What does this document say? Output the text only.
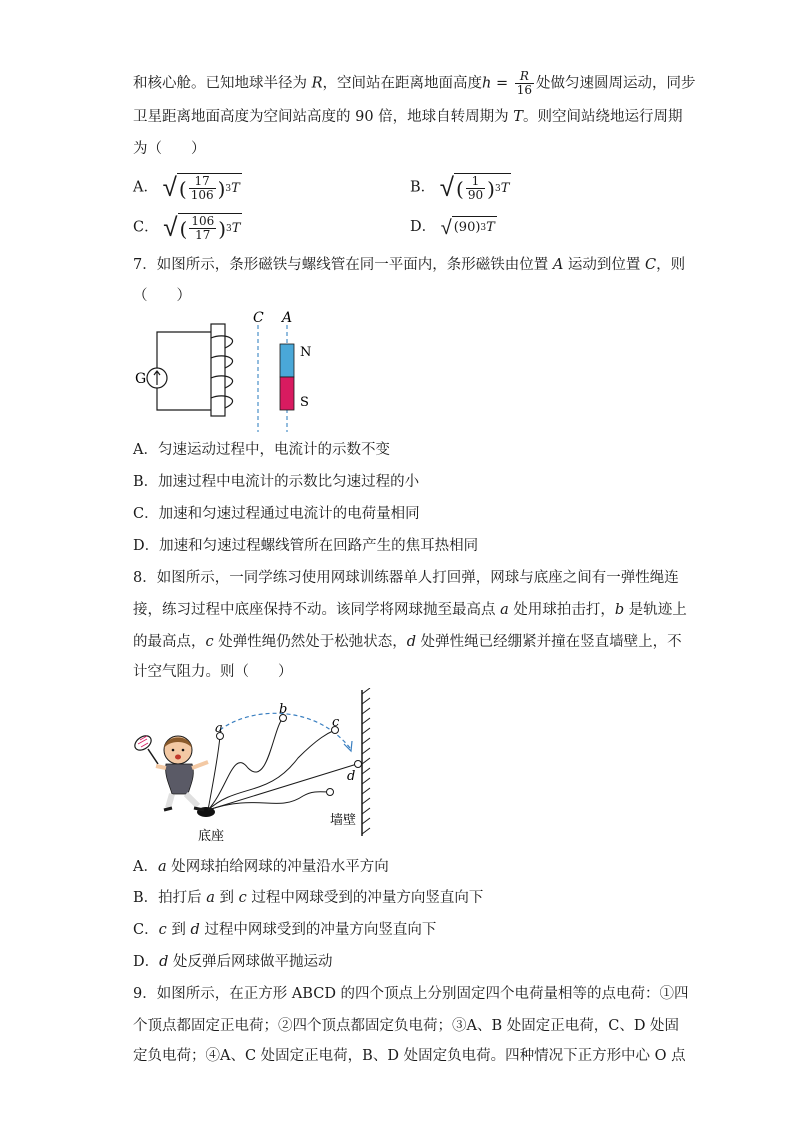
和核心舱。已知地球半径为 R，空间站在距离地面高度$h = \frac{R}{16}$ 处做匀速圆周运动，同步
卫星距离地面高度为空间站高度的 90 倍，地球自转周期为 T。则空间站绕地运行周期
为（　　）
A． √ ( $\frac{17}{106}$ ) 3 T	B． √ ( $\frac{1}{90}$ ) 3 T
C． √ ( $\frac{106}{17}$ ) 3 T	D． √ (90) 3 T
7．如图所示，条形磁铁与螺线管在同一平面内，条形磁铁由位置 A 运动到位置 C，则
（　　）
G
C A
N
S
A．匀速运动过程中，电流计的示数不变
B．加速过程中电流计的示数比匀速过程的小
C．加速和匀速过程通过电流计的电荷量相同
D．加速和匀速过程螺线管所在回路产生的焦耳热相同
8．如图所示，一同学练习使用网球训练器单人打回弹，网球与底座之间有一弹性绳连
接，练习过程中底座保持不动。该同学将网球抛至最高点 a 处用球拍击打，b 是轨迹上
的最高点，c 处弹性绳仍然处于松弛状态，d 处弹性绳已经绷紧并撞在竖直墙壁上，不
计空气阻力。则（　　）
墙壁
底座
a
b
c
d
A．a 处网球拍给网球的冲量沿水平方向
B．拍打后 a 到 c 过程中网球受到的冲量方向竖直向下
C．c 到 d 过程中网球受到的冲量方向竖直向下
D．d 处反弹后网球做平抛运动
9．如图所示，在正方形 ABCD 的四个顶点上分别固定四个电荷量相等的点电荷：①四
个顶点都固定正电荷；②四个顶点都固定负电荷；③A、B 处固定正电荷，C、D 处固
定负电荷；④A、C 处固定正电荷，B、D 处固定负电荷。四种情况下正方形中心 O 点
